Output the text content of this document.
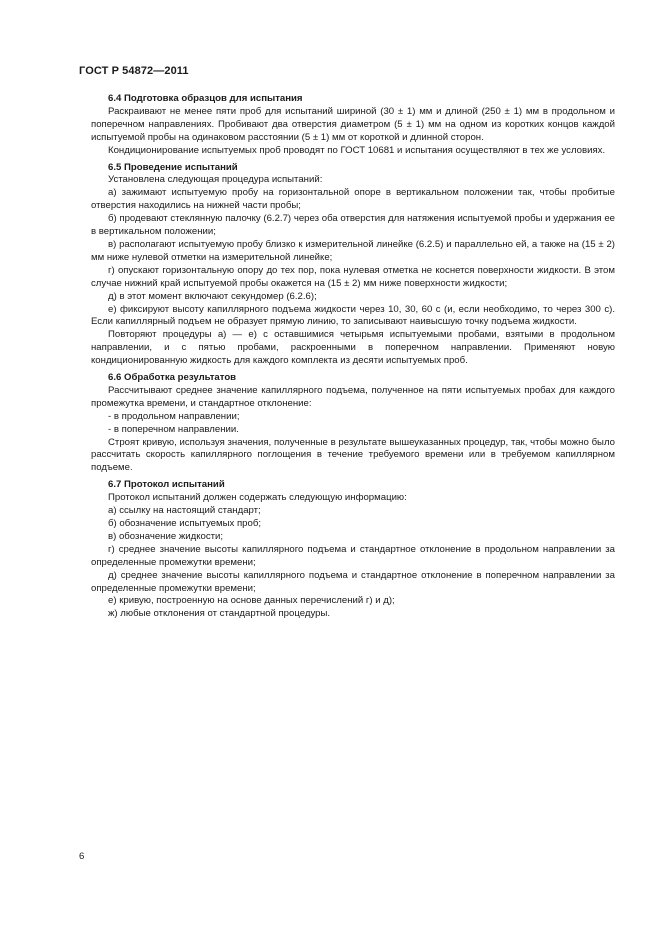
ГОСТ Р 54872—2011

6.4 Подготовка образцов для испытания

Раскраивают не менее пяти проб для испытаний шириной (30 ± 1) мм и длиной (250 ± 1) мм в продольном и поперечном направлениях. Пробивают два отверстия диаметром (5 ± 1) мм на одном из коротких концов каждой испытуемой пробы на одинаковом расстоянии (5 ± 1) мм от короткой и длинной сторон.

Кондиционирование испытуемых проб проводят по ГОСТ 10681 и испытания осуществляют в тех же условиях.

6.5 Проведение испытаний

Установлена следующая процедура испытаний:

а) зажимают испытуемую пробу на горизонтальной опоре в вертикальном положении так, чтобы пробитые отверстия находились на нижней части пробы;

б) продевают стеклянную палочку (6.2.7) через оба отверстия для натяжения испытуемой пробы и удержания ее в вертикальном положении;

в) располагают испытуемую пробу близко к измерительной линейке (6.2.5) и параллельно ей, а также на (15 ± 2) мм ниже нулевой отметки на измерительной линейке;

г) опускают горизонтальную опору до тех пор, пока нулевая отметка не коснется поверхности жидкости. В этом случае нижний край испытуемой пробы окажется на (15 ± 2) мм ниже поверхности жидкости;

д) в этот момент включают секундомер (6.2.6);

е) фиксируют высоту капиллярного подъема жидкости через 10, 30, 60 с (и, если необходимо, то через 300 с). Если капиллярный подъем не образует прямую линию, то записывают наивысшую точку подъема жидкости.

Повторяют процедуры а) — е) с оставшимися четырьмя испытуемыми пробами, взятыми в продольном направлении, и с пятью пробами, раскроенными в поперечном направлении. Применяют новую кондиционированную жидкость для каждого комплекта из десяти испытуемых проб.

6.6 Обработка результатов

Рассчитывают среднее значение капиллярного подъема, полученное на пяти испытуемых пробах для каждого промежутка времени, и стандартное отклонение:

- в продольном направлении;

- в поперечном направлении.

Строят кривую, используя значения, полученные в результате вышеуказанных процедур, так, чтобы можно было рассчитать скорость капиллярного поглощения в течение требуемого времени или в требуемом капиллярном подъеме.

6.7 Протокол испытаний

Протокол испытаний должен содержать следующую информацию:

а) ссылку на настоящий стандарт;

б) обозначение испытуемых проб;

в) обозначение жидкости;

г) среднее значение высоты капиллярного подъема и стандартное отклонение в продольном направлении за определенные промежутки времени;

д) среднее значение высоты капиллярного подъема и стандартное отклонение в поперечном направлении за определенные промежутки времени;

е) кривую, построенную на основе данных перечислений г) и д);

ж) любые отклонения от стандартной процедуры.

6
